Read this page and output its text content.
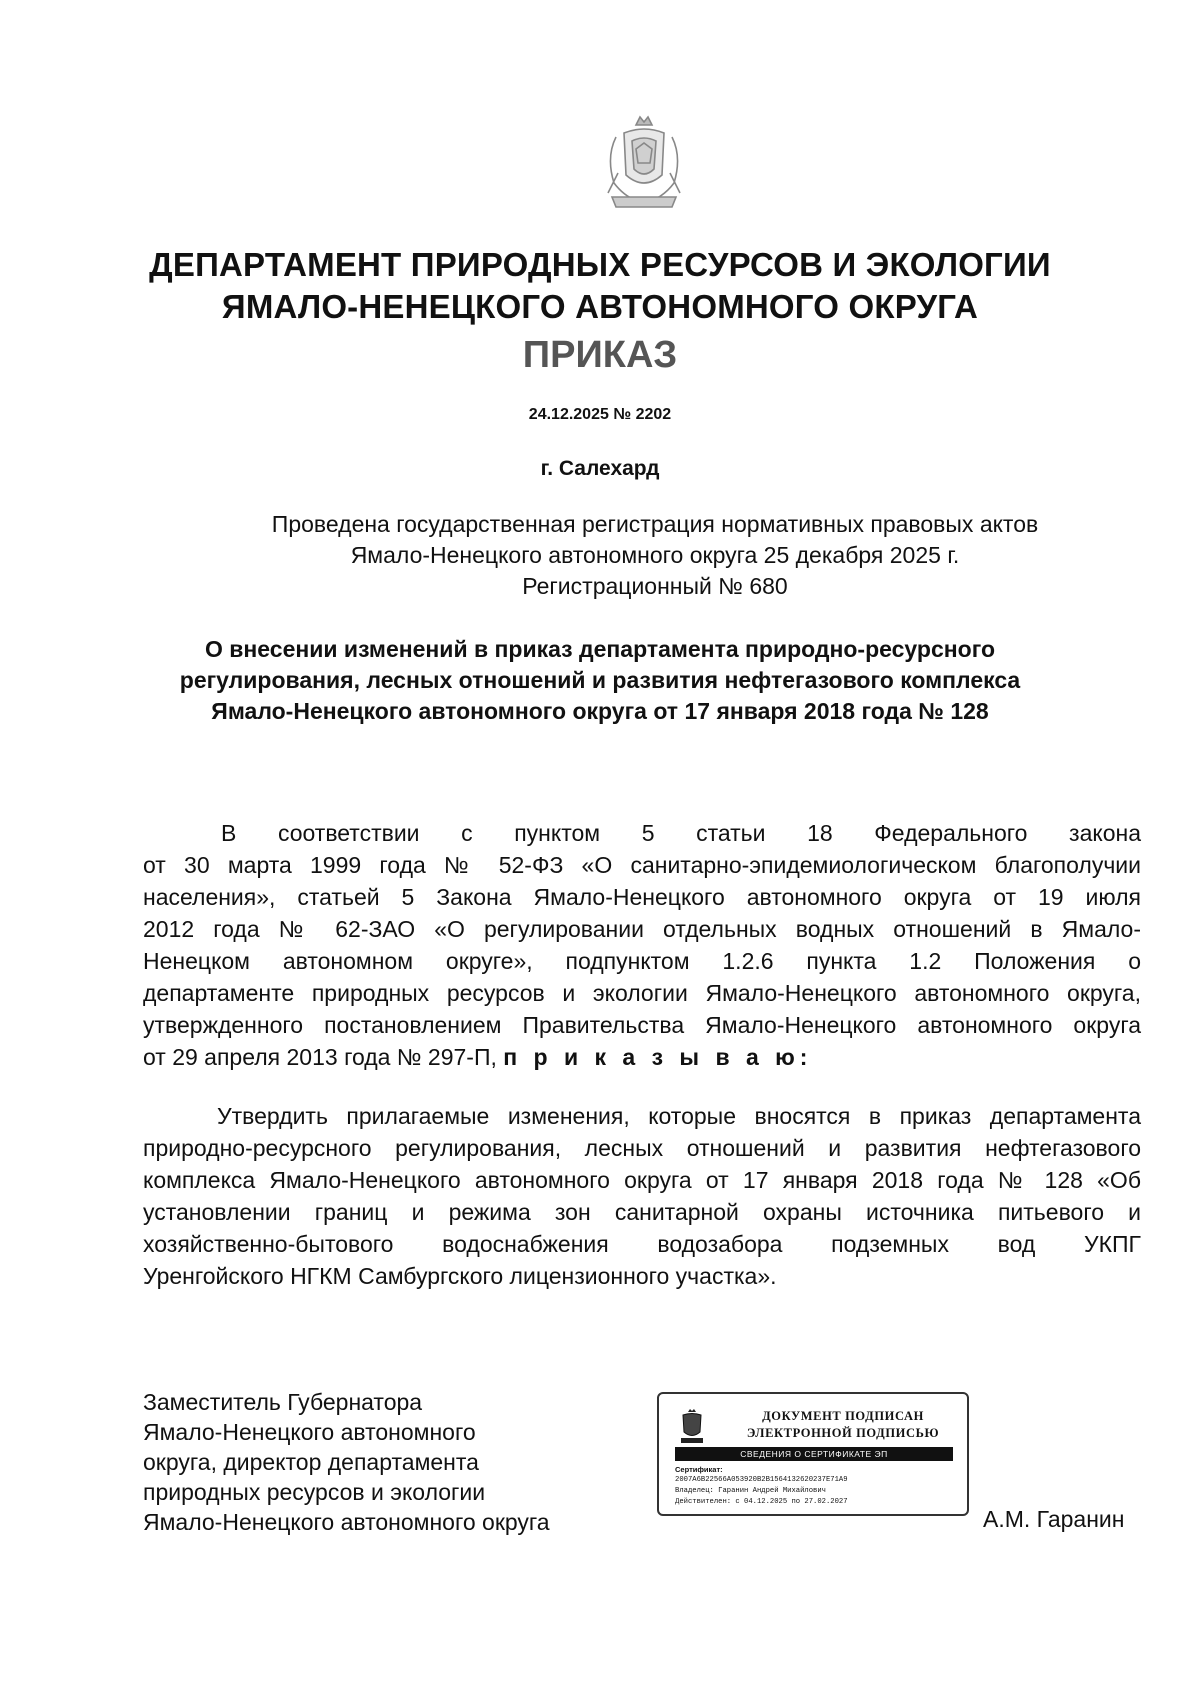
ДЕПАРТАМЕНТ ПРИРОДНЫХ РЕСУРСОВ И ЭКОЛОГИИ
ЯМАЛО-НЕНЕЦКОГО АВТОНОМНОГО ОКРУГА
ПРИКАЗ
24.12.2025 № 2202
г. Салехард
Проведена государственная регистрация нормативных правовых актов
Ямало-Ненецкого автономного округа 25 декабря 2025 г.
Регистрационный № 680
О внесении изменений в приказ департамента природно-ресурсного
регулирования, лесных отношений и развития нефтегазового комплекса
Ямало-Ненецкого автономного округа от 17 января 2018 года № 128
В соответствии с пунктом 5 статьи 18 Федерального закона
от 30 марта 1999 года № 52-ФЗ «О санитарно-эпидемиологическом благополучии
населения», статьей 5 Закона Ямало-Ненецкого автономного округа от 19 июля
2012 года № 62-ЗАО «О регулировании отдельных водных отношений в Ямало-
Ненецком автономном округе», подпунктом 1.2.6 пункта 1.2 Положения о
департаменте природных ресурсов и экологии Ямало-Ненецкого автономного округа,
утвержденного постановлением Правительства Ямало-Ненецкого автономного округа
от 29 апреля 2013 года № 297-П, п р и к а з ы в а ю:
Утвердить прилагаемые изменения, которые вносятся в приказ департамента
природно-ресурсного регулирования, лесных отношений и развития нефтегазового
комплекса Ямало-Ненецкого автономного округа от 17 января 2018 года № 128 «Об
установлении границ и режима зон санитарной охраны источника питьевого и
хозяйственно-бытового водоснабжения водозабора подземных вод УКПГ
Уренгойского НГКМ Самбургского лицензионного участка».
Заместитель Губернатора
Ямало-Ненецкого автономного
округа, директор департамента
природных ресурсов и экологии
Ямало-Ненецкого автономного округа
ДОКУМЕНТ ПОДПИСАН
ЭЛЕКТРОННОЙ ПОДПИСЬЮ
СВЕДЕНИЯ О СЕРТИФИКАТЕ ЭП
Сертификат:
2007A6B22566A053920B2B1564132620237E71A9
Владелец: Гаранин Андрей Михайлович
Действителен: с 04.12.2025 по 27.02.2027
А.М. Гаранин
